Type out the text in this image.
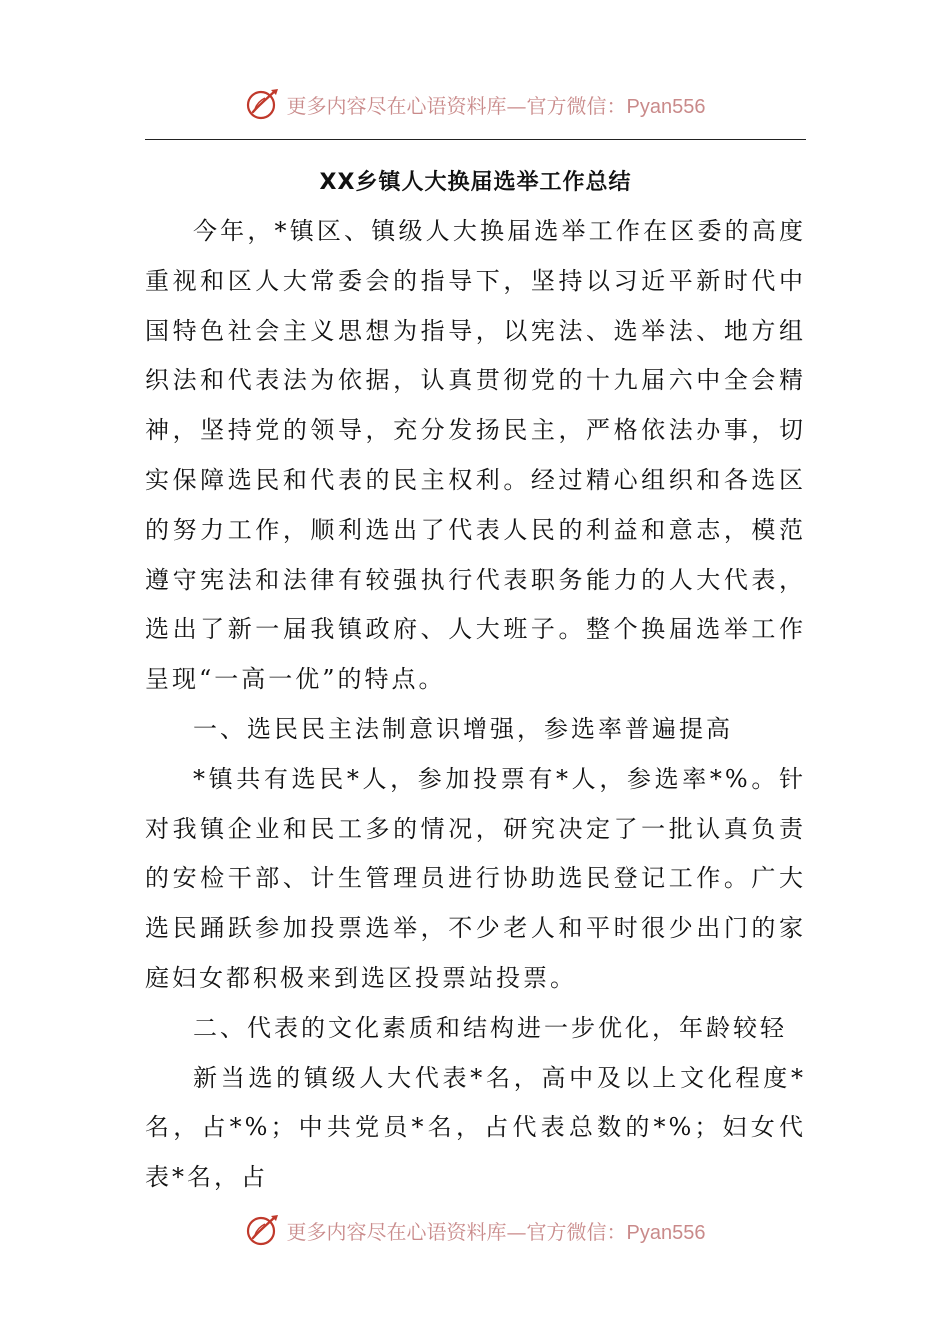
更多内容尽在心语资料库—官方微信：Pyan556
XX乡镇人大换届选举工作总结

今年，*镇区、镇级人大换届选举工作在区委的高度重视和区人大常委会的指导下，坚持以习近平新时代中国特色社会主义思想为指导，以宪法、选举法、地方组织法和代表法为依据，认真贯彻党的十九届六中全会精神，坚持党的领导，充分发扬民主，严格依法办事，切实保障选民和代表的民主权利。经过精心组织和各选区的努力工作，顺利选出了代表人民的利益和意志，模范遵守宪法和法律有较强执行代表职务能力的人大代表，选出了新一届我镇政府、人大班子。整个换届选举工作呈现“一高一优”的特点。

一、选民民主法制意识增强，参选率普遍提高

*镇共有选民*人，参加投票有*人，参选率*%。针对我镇企业和民工多的情况，研究决定了一批认真负责的安检干部、计生管理员进行协助选民登记工作。广大选民踊跃参加投票选举，不少老人和平时很少出门的家庭妇女都积极来到选区投票站投票。

二、代表的文化素质和结构进一步优化，年龄较轻

新当选的镇级人大代表*名，高中及以上文化程度*名，占*%；中共党员*名，占代表总数的*%；妇女代表*名，占

更多内容尽在心语资料库—官方微信：Pyan556
